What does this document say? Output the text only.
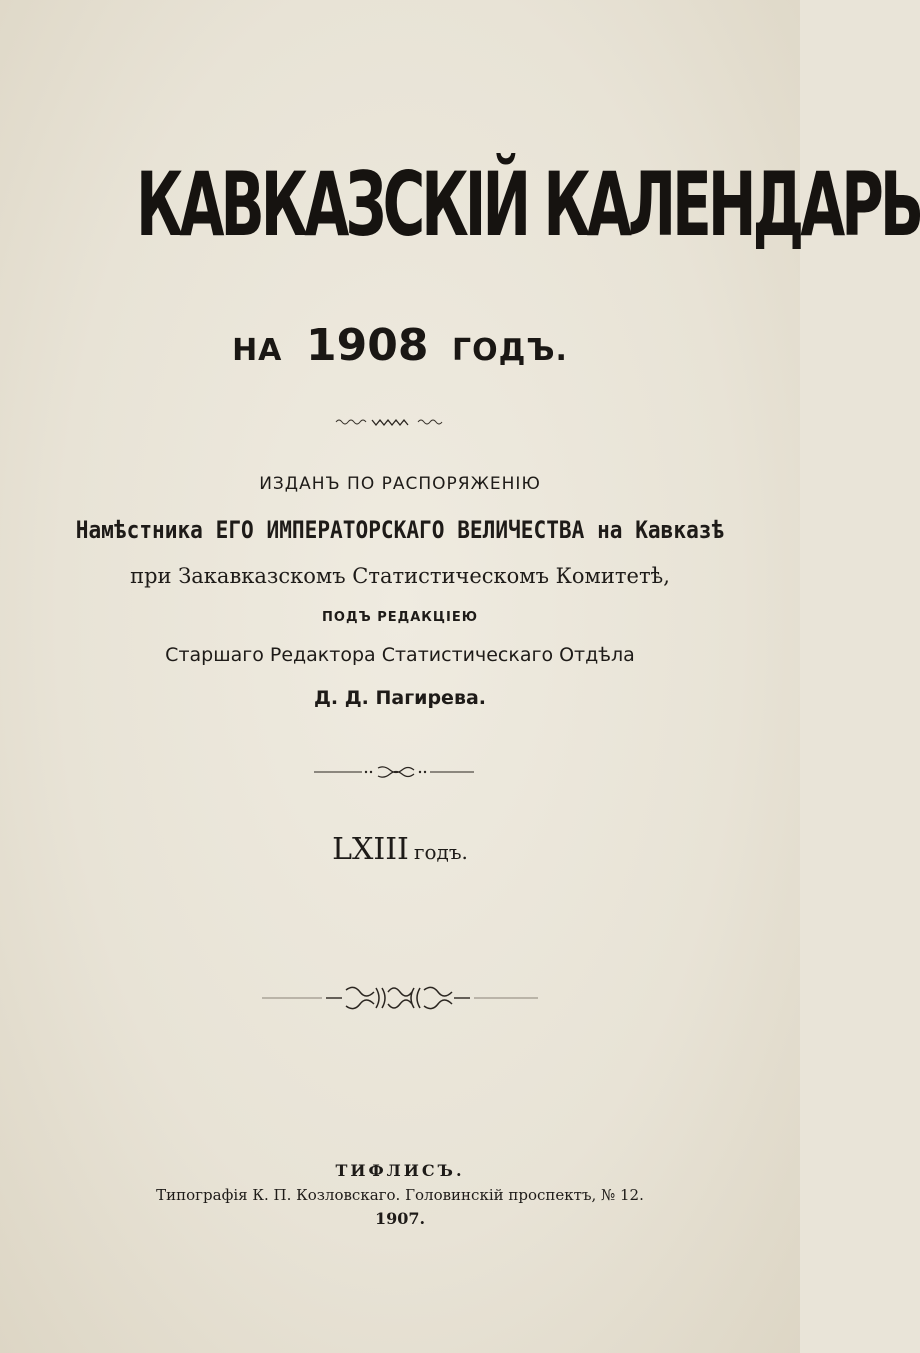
КАВКАЗСКІЙ КАЛЕНДАРЬ
НА 1908 ГОДЪ.
ИЗДАНЪ ПО РАСПОРЯЖЕНІЮ
Намѣстника ЕГО ИМПЕРАТОРСКАГО ВЕЛИЧЕСТВА на Кавказѣ
при Закавказскомъ Статистическомъ Комитетѣ,
ПОДЪ РЕДАКЦІЕЮ
Старшаго Редактора Статистическаго Отдѣла
Д. Д. Пагирева.
LXIII годъ.
ТИФЛИСЪ.
Типографія К. П. Козловскаго. Головинскій проспектъ, № 12.
1907.
